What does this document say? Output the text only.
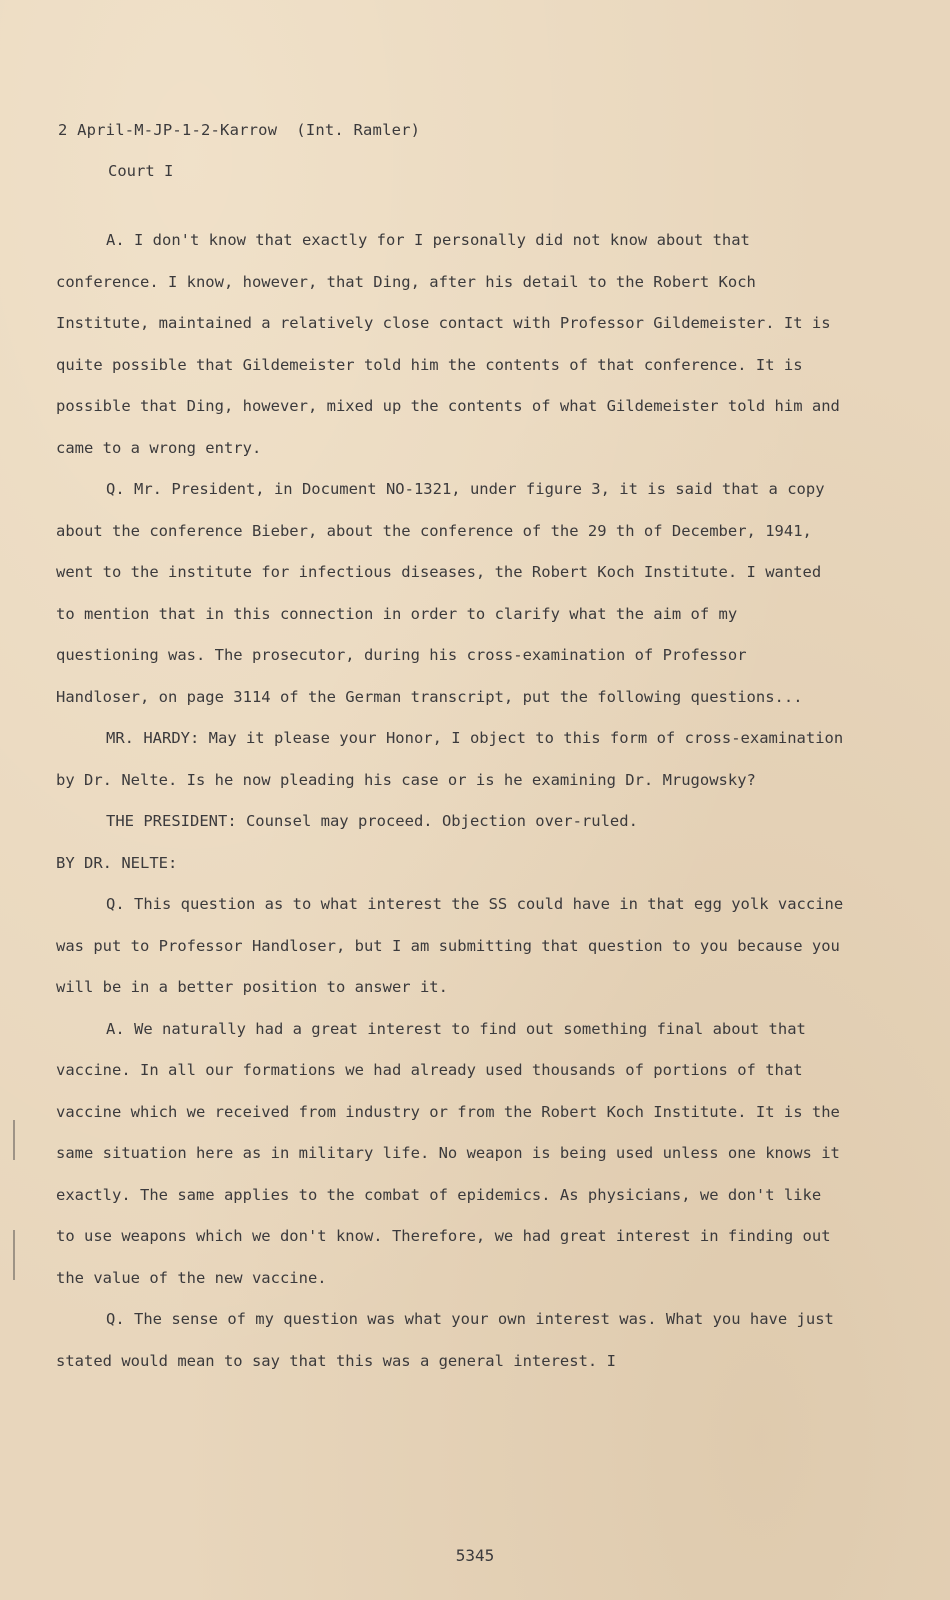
2 April-M-JP-1-2-Karrow  (Int. Ramler)
Court I

A. I don't know that exactly for I personally did not know about that conference. I know, however, that Ding, after his detail to the Robert Koch Institute, maintained a relatively close contact with Professor Gildemeister. It is quite possible that Gildemeister told him the contents of that conference. It is possible that Ding, however, mixed up the contents of what Gildemeister told him and came to a wrong entry.

Q. Mr. President, in Document NO-1321, under figure 3, it is said that a copy about the conference Bieber, about the conference of the 29 th of December, 1941, went to the institute for infectious diseases, the Robert Koch Institute. I wanted to mention that in this connection in order to clarify what the aim of my questioning was. The prosecutor, during his cross-examination of Professor Handloser, on page 3114 of the German transcript, put the following questions...

MR. HARDY: May it please your Honor, I object to this form of cross-examination by Dr. Nelte. Is he now pleading his case or is he examining Dr. Mrugowsky?

THE PRESIDENT: Counsel may proceed. Objection over-ruled.

BY DR. NELTE:

Q. This question as to what interest the SS could have in that egg yolk vaccine was put to Professor Handloser, but I am submitting that question to you because you will be in a better position to answer it.

A. We naturally had a great interest to find out something final about that vaccine. In all our formations we had already used thousands of portions of that vaccine which we received from industry or from the Robert Koch Institute. It is the same situation here as in military life. No weapon is being used unless one knows it exactly. The same applies to the combat of epidemics. As physicians, we don't like to use weapons which we don't know. Therefore, we had great interest in finding out the value of the new vaccine.

Q. The sense of my question was what your own interest was. What you have just stated would mean to say that this was a general interest. I

5345
